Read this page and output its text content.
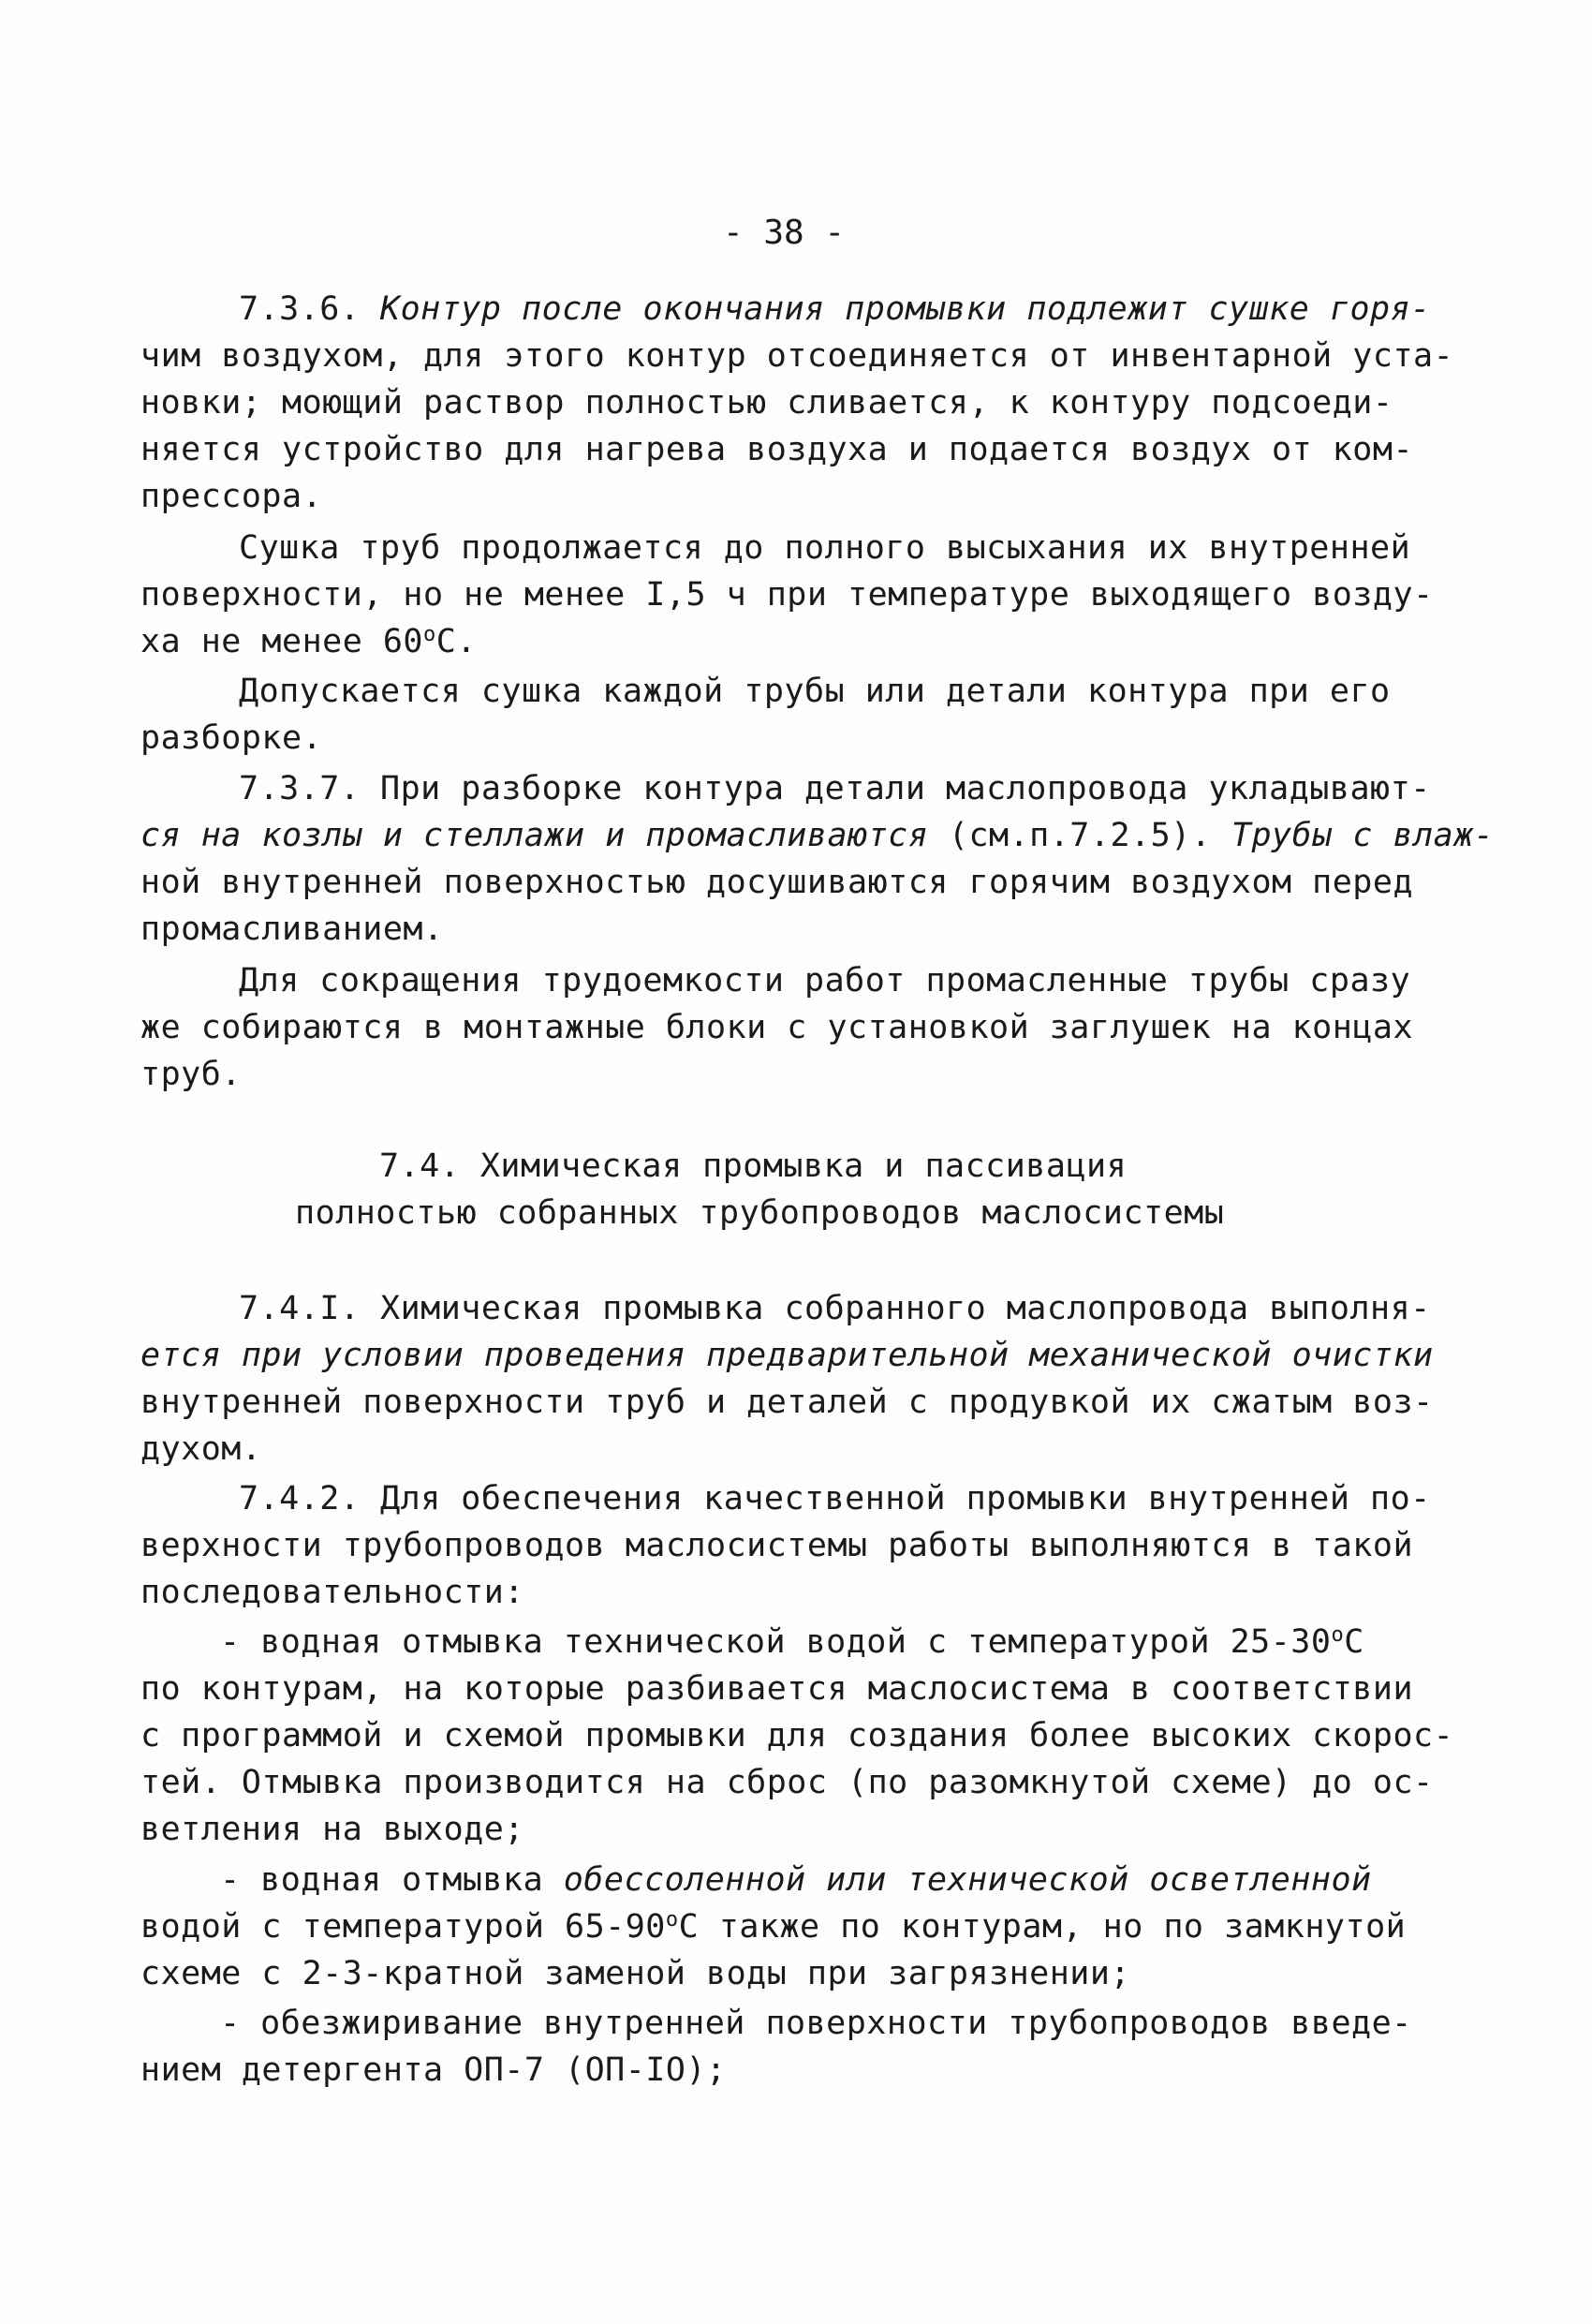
- 38 -
7.3.6. Контур после окончания промывки подлежит сушке горя-
чим воздухом, для этого контур отсоединяется от инвентарной уста-
новки; моющий раствор полностью сливается, к контуру подсоеди-
няется устройство для нагрева воздуха и подается воздух от ком-
прессора.
Сушка труб продолжается до полного высыхания их внутренней
поверхности, но не менее I,5 ч при температуре выходящего возду-
ха не менее 60$^o$С.
Допускается сушка каждой трубы или детали контура при его
разборке.
7.3.7. При разборке контура детали маслопровода укладывают-
ся на козлы и стеллажи и промасливаются (см.п.7.2.5). Трубы с влаж-
ной внутренней поверхностью досушиваются горячим воздухом перед
промасливанием.
Для сокращения трудоемкости работ промасленные трубы сразу
же собираются в монтажные блоки с установкой заглушек на концах
труб.
7.4. Химическая промывка и пассивация
полностью собранных трубопроводов маслосистемы
7.4.I. Химическая промывка собранного маслопровода выполня-
ется при условии проведения предварительной механической очистки
внутренней поверхности труб и деталей с продувкой их сжатым воз-
духом.
7.4.2. Для обеспечения качественной промывки внутренней по-
верхности трубопроводов маслосистемы работы выполняются в такой
последовательности:
- водная отмывка технической водой с температурой 25-30$^o$С
по контурам, на которые разбивается маслосистема в соответствии
с программой и схемой промывки для создания более высоких скорос-
тей. Отмывка производится на сброс (по разомкнутой схеме) до ос-
ветления на выходе;
- водная отмывка обессоленной или технической осветленной
водой с температурой 65-90$^o$С также по контурам, но по замкнутой
схеме с 2-3-кратной заменой воды при загрязнении;
- обезжиривание внутренней поверхности трубопроводов введе-
нием детергента ОП-7 (ОП-IO);
